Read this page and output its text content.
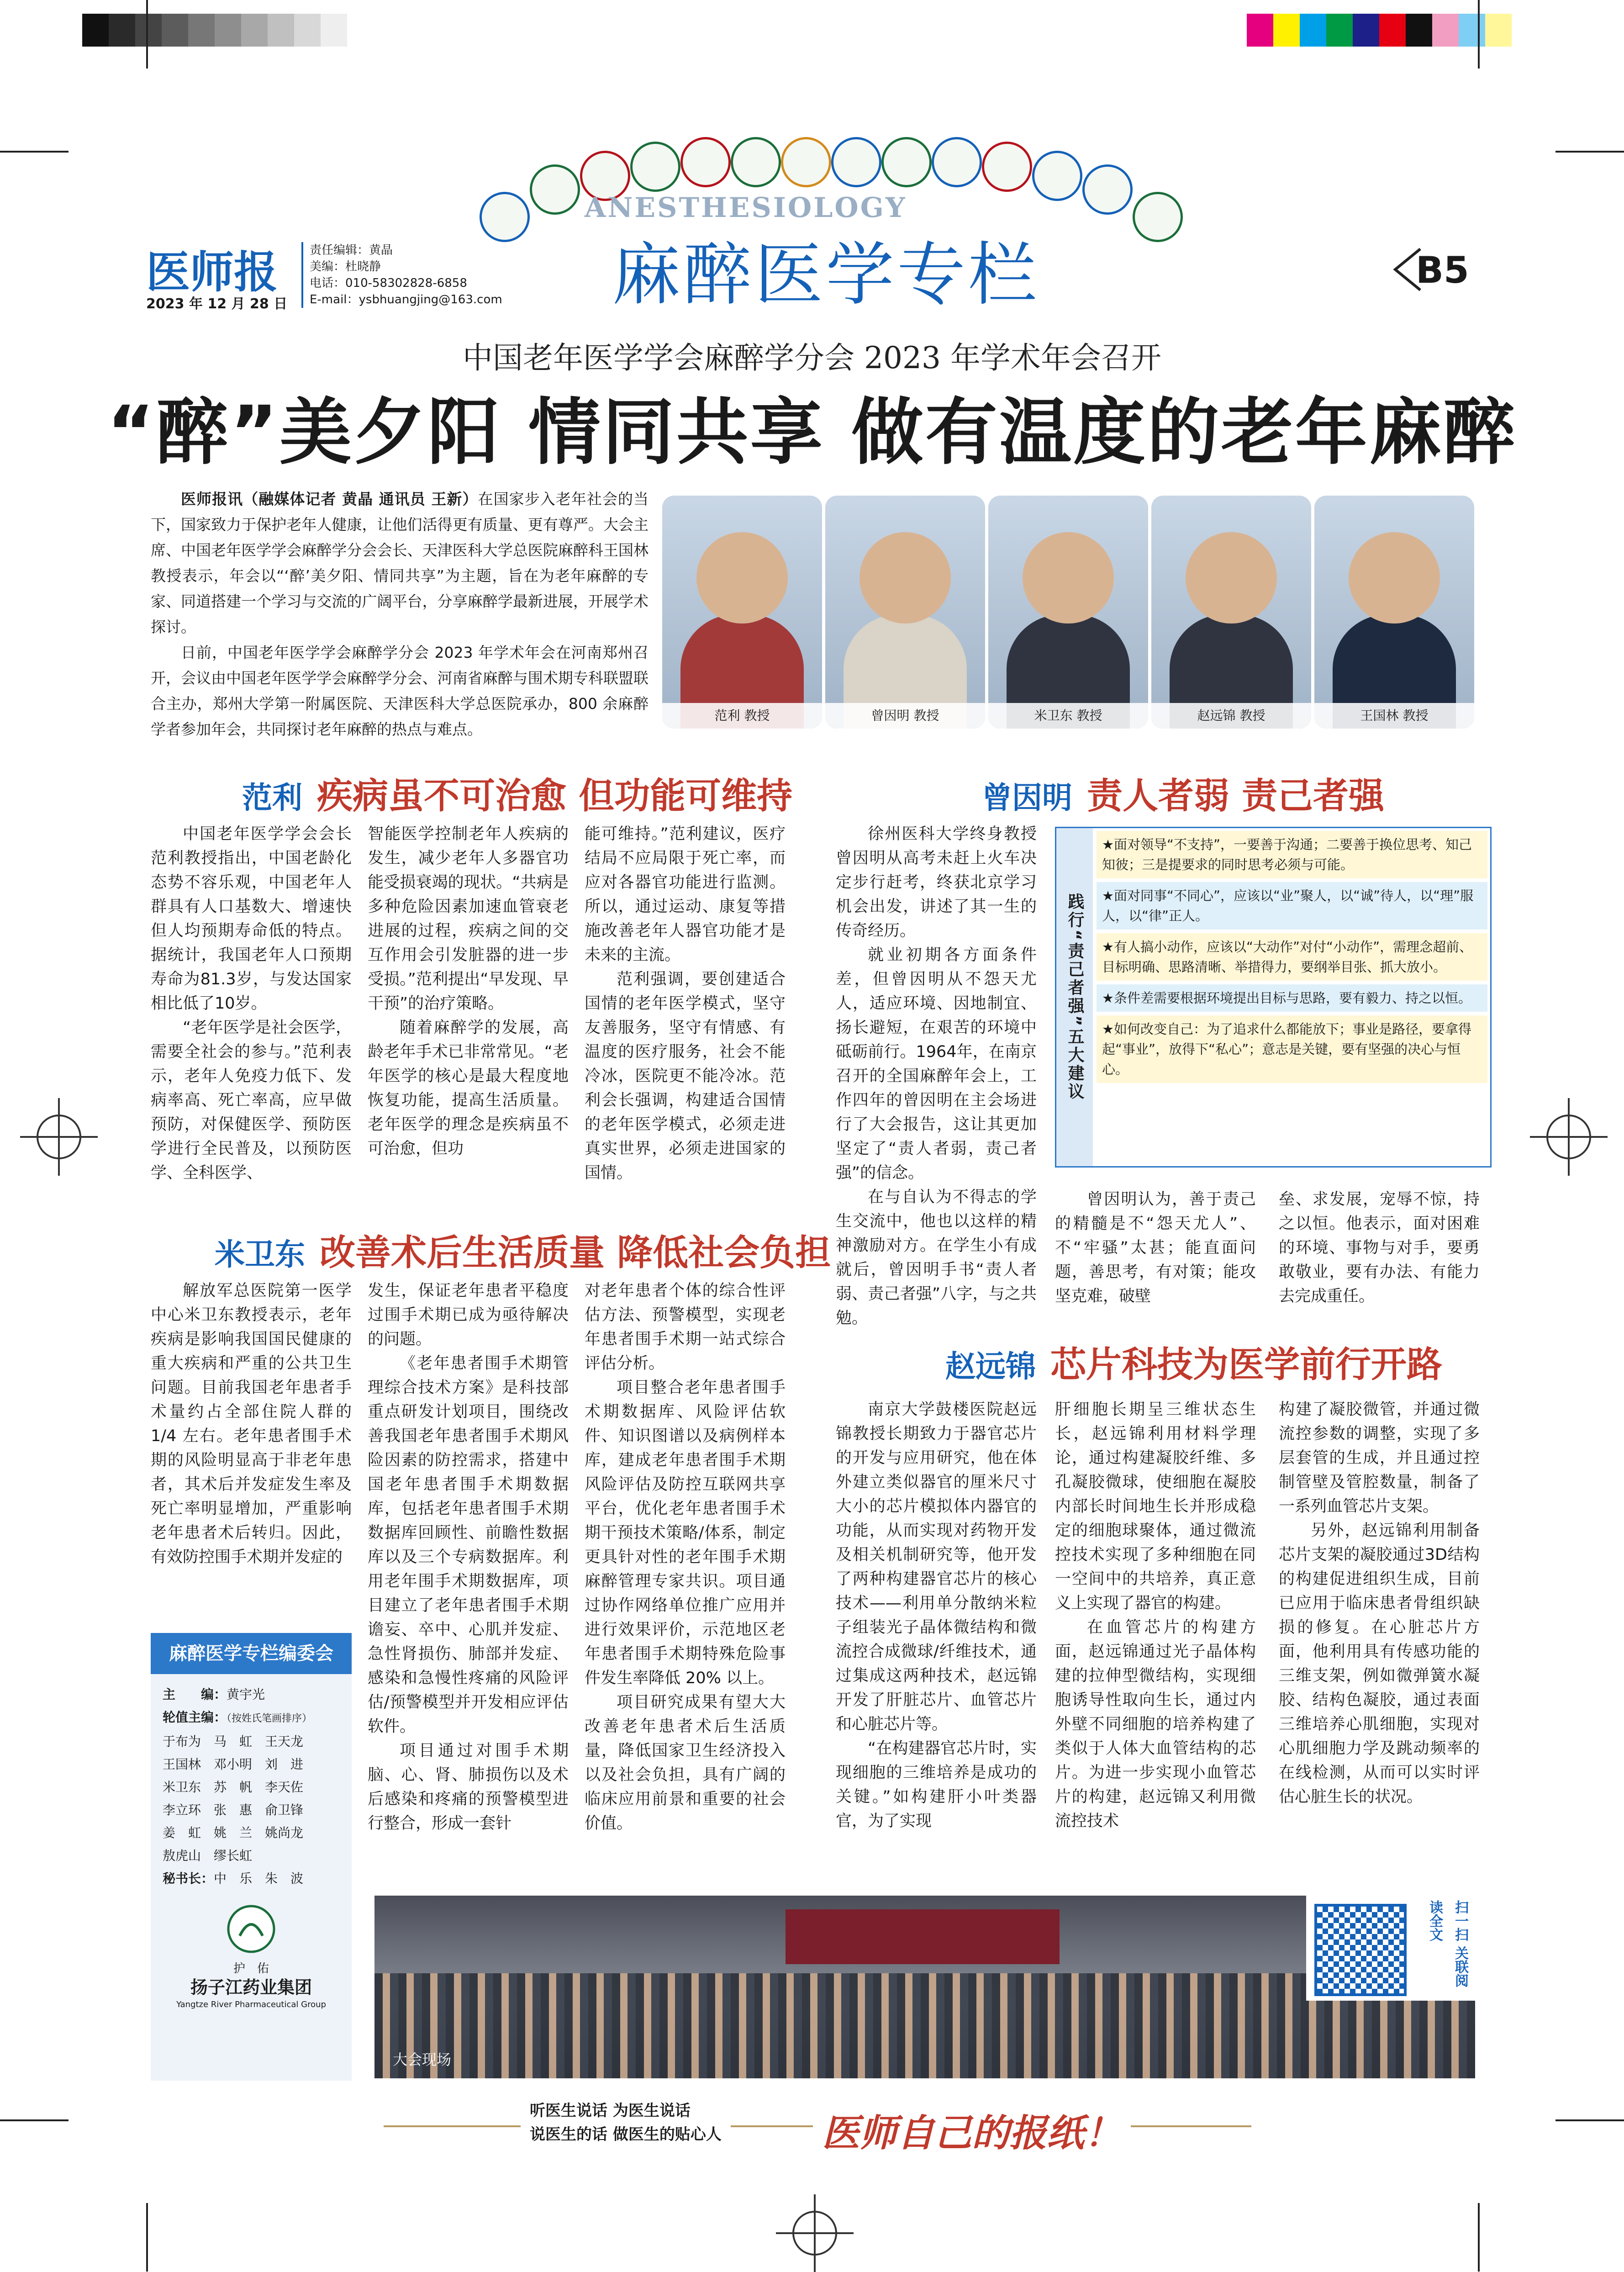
医师报
2023 年 12 月 28 日
责任编辑：黄晶
美编：杜晓静
电话：010-58302828-6858
E-mail：ysbhuangjing@163.com
ANESTHESIOLOGY
麻醉医学专栏	B5
中国老年医学学会麻醉学分会 2023 年学术年会召开
“醉”美夕阳 情同共享 做有温度的老年麻醉
医师报讯（融媒体记者 黄晶 通讯员 王新）在国家步入老年社会的当下，国家致力于保护老年人健康，让他们活得更有质量、更有尊严。大会主席、中国老年医学学会麻醉学分会会长、天津医科大学总医院麻醉科王国林教授表示，年会以“‘醉’美夕阳、情同共享”为主题，旨在为老年麻醉的专家、同道搭建一个学习与交流的广阔平台，分享麻醉学最新进展，开展学术探讨。
日前，中国老年医学学会麻醉学分会 2023 年学术年会在河南郑州召开，会议由中国老年医学学会麻醉学分会、河南省麻醉与围术期专科联盟联合主办，郑州大学第一附属医院、天津医科大学总医院承办，800 余麻醉学者参加年会，共同探讨老年麻醉的热点与难点。
范利 教授	曾因明 教授	米卫东 教授	赵远锦 教授	王国林 教授
范利 疾病虽不可治愈 但功能可维持

中国老年医学学会会长范利教授指出，中国老龄化态势不容乐观，中国老年人群具有人口基数大、增速快但人均预期寿命低的特点。据统计，我国老年人口预期寿命为81.3岁，与发达国家相比低了10岁。

“老年医学是社会医学，需要全社会的参与。”范利表示，老年人免疫力低下、发病率高、死亡率高，应早做预防，对保健医学、预防医学进行全民普及，以预防医学、全科医学、

智能医学控制老年人疾病的发生，减少老年人多器官功能受损衰竭的现状。“共病是多种危险因素加速血管衰老进展的过程，疾病之间的交互作用会引发脏器的进一步受损。”范利提出“早发现、早干预”的治疗策略。

随着麻醉学的发展，高龄老年手术已非常常见。“老年医学的核心是最大程度地恢复功能，提高生活质量。老年医学的理念是疾病虽不可治愈，但功

能可维持。”范利建议，医疗结局不应局限于死亡率，而应对各器官功能进行监测。所以，通过运动、康复等措施改善老年人器官功能才是未来的主流。

范利强调，要创建适合国情的老年医学模式，坚守友善服务，坚守有情感、有温度的医疗服务，社会不能冷冰，医院更不能冷冰。范利会长强调，构建适合国情的老年医学模式，必须走进真实世界，必须走进国家的国情。

曾因明 责人者弱 责己者强

徐州医科大学终身教授曾因明从高考未赶上火车决定步行赶考，终获北京学习机会出发，讲述了其一生的传奇经历。

就业初期各方面条件差，但曾因明从不怨天尤人，适应环境、因地制宜、扬长避短，在艰苦的环境中砥砺前行。1964年，在南京召开的全国麻醉年会上，工作四年的曾因明在主会场进行了大会报告，这让其更加坚定了“责人者弱，责己者强”的信念。

在与自认为不得志的学生交流中，他也以这样的精神激励对方。在学生小有成就后，曾因明手书“责人者弱、责己者强”八字，与之共勉。

践行“责己者强”五大建议
★面对领导“不支持”，一要善于沟通；二要善于换位思考、知己知彼；三是提要求的同时思考必须与可能。
★面对同事“不同心”，应该以“业”聚人，以“诚”待人，以“理”服人，以“律”正人。
★有人搞小动作，应该以“大动作”对付“小动作”，需理念超前、目标明确、思路清晰、举措得力，要纲举目张、抓大放小。
★条件差需要根据环境提出目标与思路，要有毅力、持之以恒。
★如何改变自己：为了追求什么都能放下；事业是路径，要拿得起“事业”，放得下“私心”；意志是关键，要有坚强的决心与恒心。

曾因明认为，善于责己的精髓是不“怨天尤人”、不“牢骚”太甚；能直面问题，善思考，有对策；能攻坚克难，破壁

垒、求发展，宠辱不惊，持之以恒。他表示，面对困难的环境、事物与对手，要勇敢敬业，要有办法、有能力去完成重任。

米卫东 改善术后生活质量 降低社会负担

解放军总医院第一医学中心米卫东教授表示，老年疾病是影响我国国民健康的重大疾病和严重的公共卫生问题。目前我国老年患者手术量约占全部住院人群的 1/4 左右。老年患者围手术期的风险明显高于非老年患者，其术后并发症发生率及死亡率明显增加，严重影响老年患者术后转归。因此，有效防控围手术期并发症的

发生，保证老年患者平稳度过围手术期已成为亟待解决的问题。

《老年患者围手术期管理综合技术方案》是科技部重点研发计划项目，围绕改善我国老年患者围手术期风险因素的防控需求，搭建中国老年患者围手术期数据库，包括老年患者围手术期数据库回顾性、前瞻性数据库以及三个专病数据库。利用老年围手术期数据库，项目建立了老年患者围手术期谵妄、卒中、心肌并发症、急性肾损伤、肺部并发症、感染和急慢性疼痛的风险评估/预警模型并开发相应评估软件。

项目通过对围手术期脑、心、肾、肺损伤以及术后感染和疼痛的预警模型进行整合，形成一套针

对老年患者个体的综合性评估方法、预警模型，实现老年患者围手术期一站式综合评估分析。

项目整合老年患者围手术期数据库、风险评估软件、知识图谱以及病例样本库，建成老年患者围手术期风险评估及防控互联网共享平台，优化老年患者围手术期干预技术策略/体系，制定更具针对性的老年围手术期麻醉管理专家共识。项目通过协作网络单位推广应用并进行效果评价，示范地区老年患者围手术期特殊危险事件发生率降低 20% 以上。

项目研究成果有望大大改善老年患者术后生活质量，降低国家卫生经济投入以及社会负担，具有广阔的临床应用前景和重要的社会价值。

赵远锦 芯片科技为医学前行开路

南京大学鼓楼医院赵远锦教授长期致力于器官芯片的开发与应用研究，他在体外建立类似器官的厘米尺寸大小的芯片模拟体内器官的功能，从而实现对药物开发及相关机制研究等，他开发了两种构建器官芯片的核心技术——利用单分散纳米粒子组装光子晶体微结构和微流控合成微球/纤维技术，通过集成这两种技术，赵远锦开发了肝脏芯片、血管芯片和心脏芯片等。

“在构建器官芯片时，实现细胞的三维培养是成功的关键。”如构建肝小叶类器官，为了实现

肝细胞长期呈三维状态生长，赵远锦利用材料学理论，通过构建凝胶纤维、多孔凝胶微球，使细胞在凝胶内部长时间地生长并形成稳定的细胞球聚体，通过微流控技术实现了多种细胞在同一空间中的共培养，真正意义上实现了器官的构建。

在血管芯片的构建方面，赵远锦通过光子晶体构建的拉伸型微结构，实现细胞诱导性取向生长，通过内外壁不同细胞的培养构建了类似于人体大血管结构的芯片。为进一步实现小血管芯片的构建，赵远锦又利用微流控技术

构建了凝胶微管，并通过微流控参数的调整，实现了多层套管的生成，并且通过控制管壁及管腔数量，制备了一系列血管芯片支架。

另外，赵远锦利用制备芯片支架的凝胶通过3D结构的构建促进组织生成，目前已应用于临床患者骨组织缺损的修复。在心脏芯片方面，他利用具有传感功能的三维支架，例如微弹簧水凝胶、结构色凝胶，通过表面三维培养心肌细胞，实现对心肌细胞力学及跳动频率的在线检测，从而可以实时评估心脏生长的状况。

麻醉医学专栏编委会
主　　编：黄宇光
轮值主编：（按姓氏笔画排序）
于布为　马　虹　王天龙
王国林　邓小明　刘　进
米卫东　苏　帆　李天佐
李立环　张　惠　俞卫锋
姜　虹　姚　兰　姚尚龙
敖虎山　缪长虹
秘书长：中　乐　朱　波
护　佑
扬子江药业集团
Yangtze River Pharmaceutical Group
大会现场
扫一扫 关联阅读全文
听医生说话 为医生说话
说医生的话 做医生的贴心人	医师自己的报纸！
